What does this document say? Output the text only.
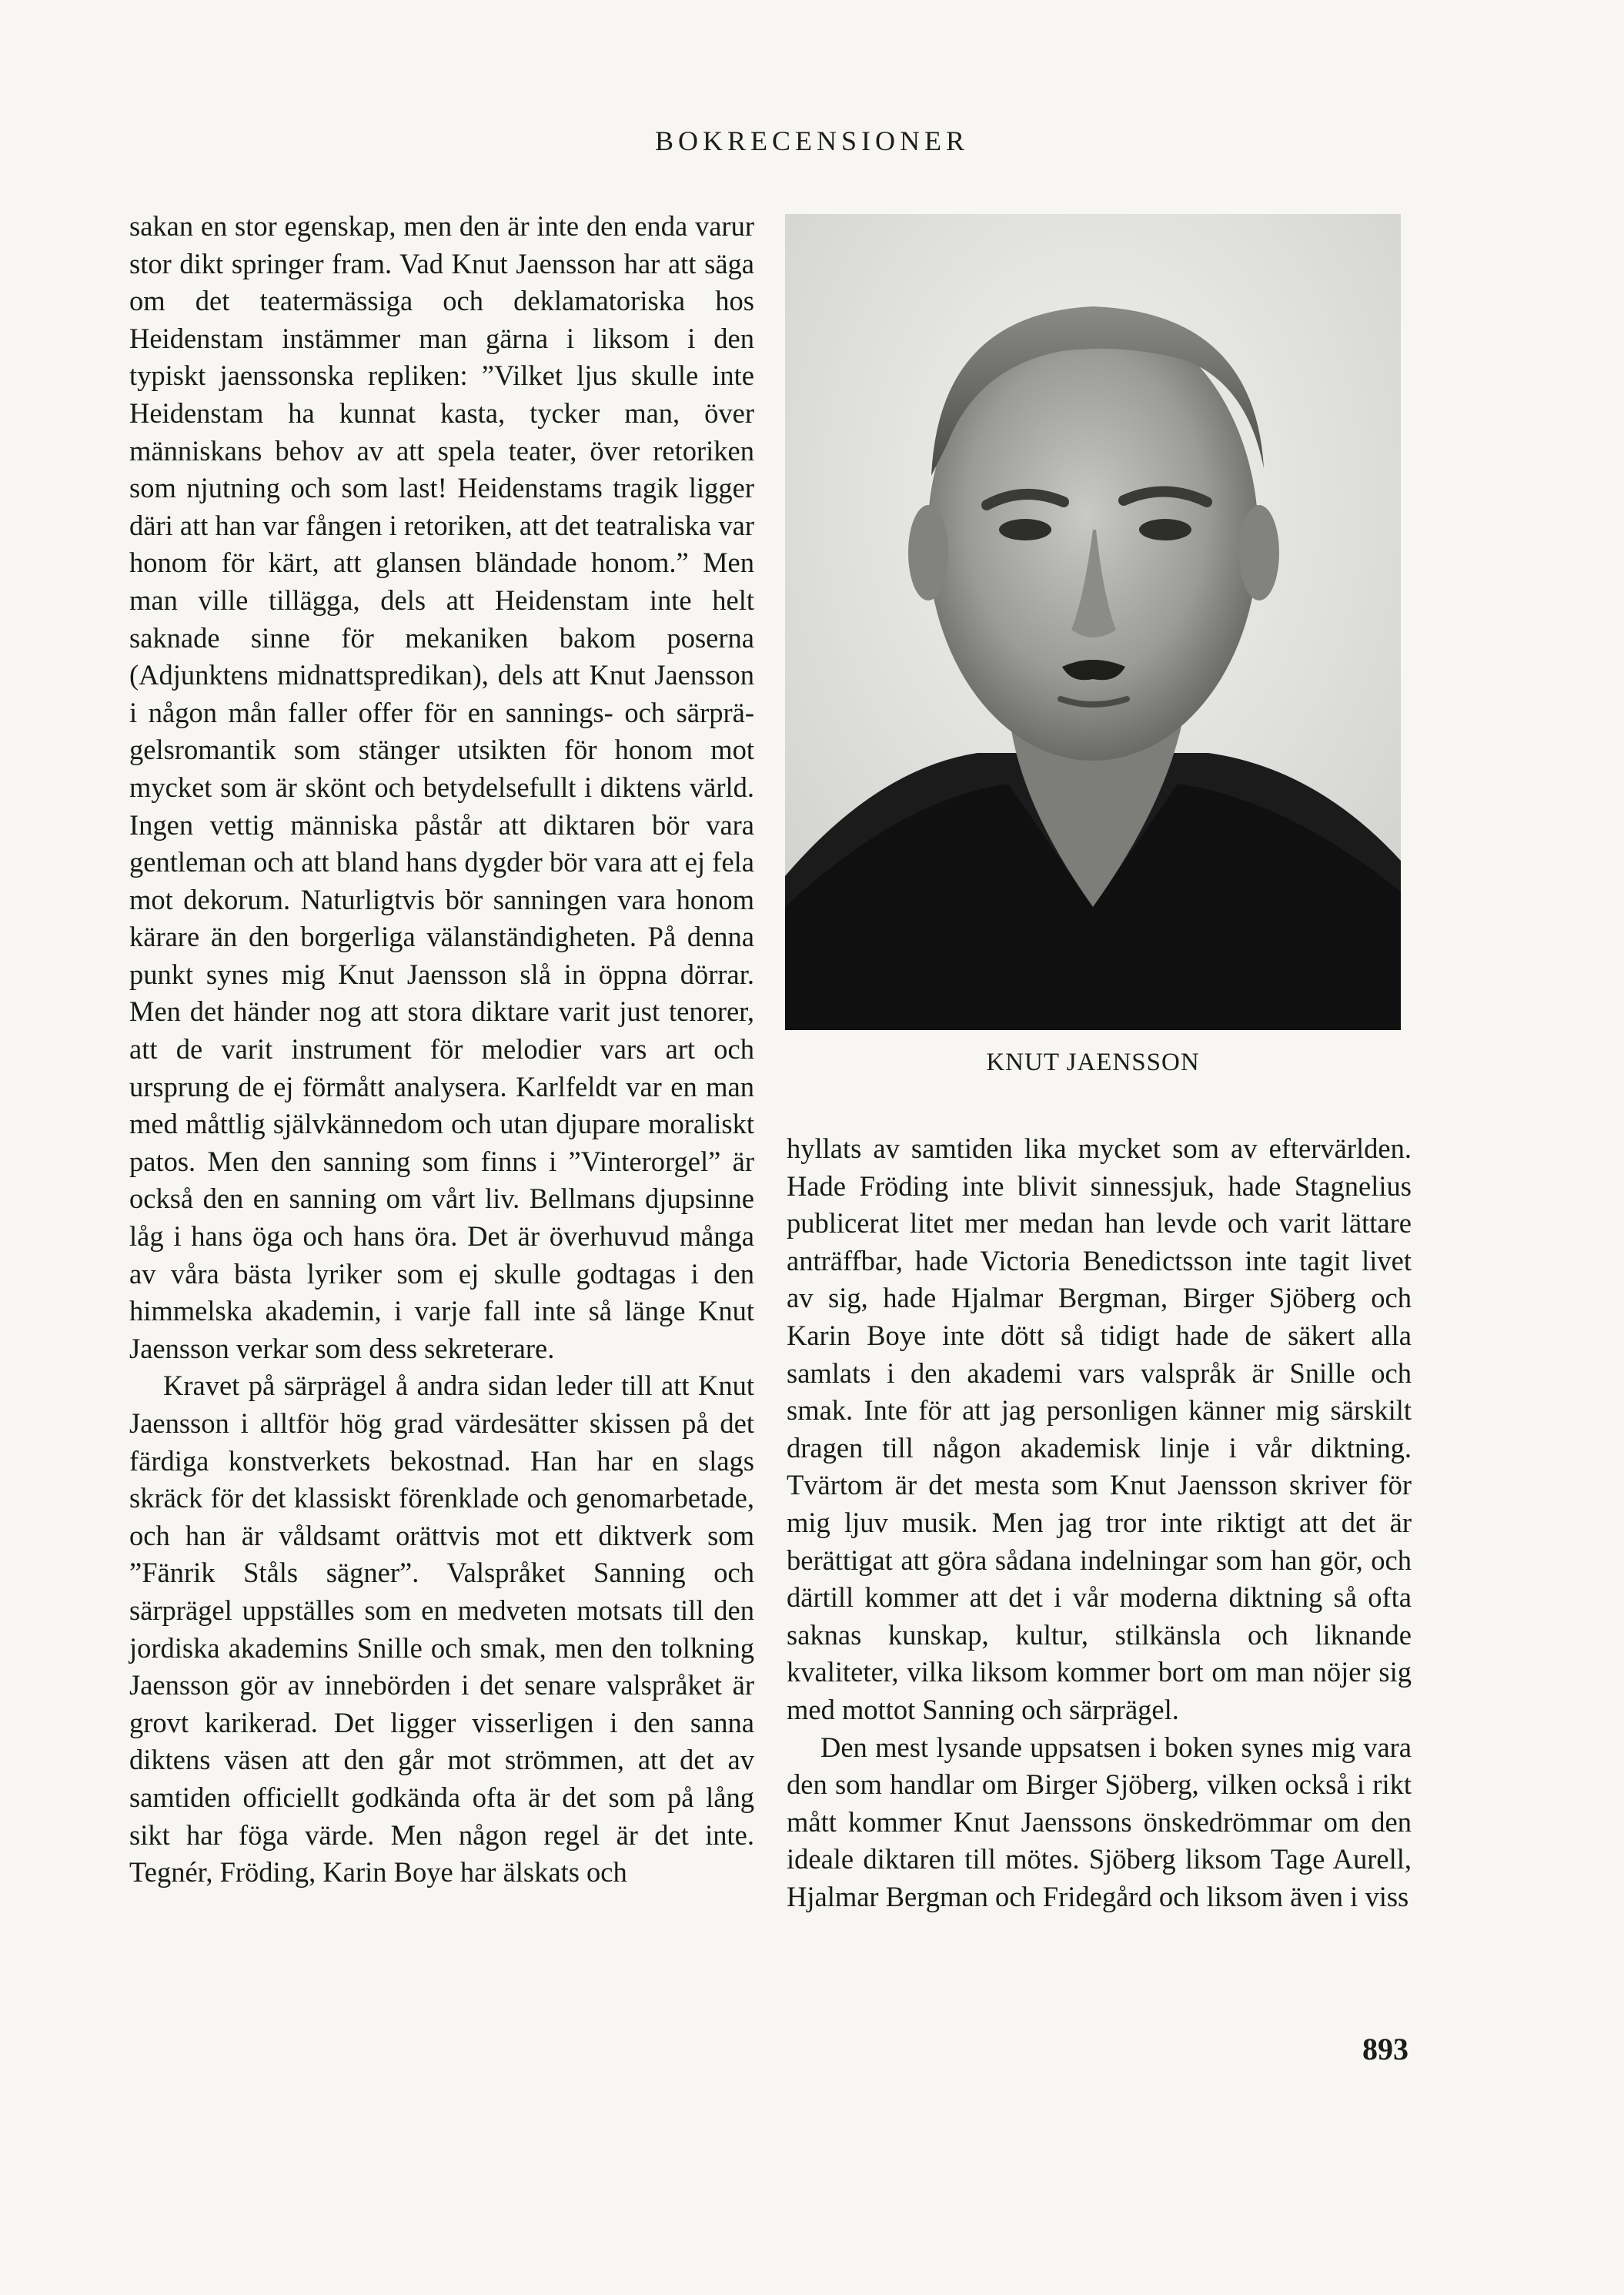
BOKRECENSIONER

sakan en stor egenskap, men den är inte den enda varur stor dikt springer fram. Vad Knut Jaensson har att säga om det teatermässiga och deklamatoriska hos Heidenstam instämmer man gärna i liksom i den typiskt jaenssonska repliken: ”Vilket ljus skulle inte Heidenstam ha kunnat kasta, tycker man, över människans behov av att spela teater, över retoriken som njutning och som last! Heidenstams tragik ligger däri att han var fången i retoriken, att det teatraliska var honom för kärt, att glansen bländade honom.” Men man ville tillägga, dels att Heidenstam inte helt saknade sinne för mekaniken bakom poserna (Adjunktens midnattspredikan), dels att Knut Jaensson i någon mån faller offer för en sannings- och särprägelsromantik som stänger utsikten för honom mot mycket som är skönt och betydelsefullt i diktens värld. Ingen vettig människa påstår att diktaren bör vara gentleman och att bland hans dygder bör vara att ej fela mot dekorum. Naturligtvis bör sanningen vara honom kärare än den borgerliga välanständigheten. På denna punkt synes mig Knut Jaensson slå in öppna dörrar. Men det händer nog att stora diktare varit just tenorer, att de varit instrument för melodier vars art och ursprung de ej förmått analysera. Karlfeldt var en man med måttlig självkännedom och utan djupare moraliskt patos. Men den sanning som finns i ”Vinterorgel” är också den en sanning om vårt liv. Bellmans djupsinne låg i hans öga och hans öra. Det är överhuvud många av våra bästa lyriker som ej skulle godtagas i den himmelska akademin, i varje fall inte så länge Knut Jaensson verkar som dess sekreterare.

Kravet på särprägel å andra sidan leder till att Knut Jaensson i alltför hög grad värdesätter skissen på det färdiga konstverkets bekostnad. Han har en slags skräck för det klassiskt förenklade och genomarbetade, och han är våldsamt orättvis mot ett diktverk som ”Fänrik Ståls sägner”. Valspråket Sanning och särprägel uppställes som en medveten motsats till den jordiska akademins Snille och smak, men den tolkning Jaensson gör av innebörden i det senare valspråket är grovt karikerad. Det ligger visserligen i den sanna diktens väsen att den går mot strömmen, att det av samtiden officiellt godkända ofta är det som på lång sikt har föga värde. Men någon regel är det inte. Tegnér, Fröding, Karin Boye har älskats och

KNUT JAENSSON

hyllats av samtiden lika mycket som av eftervärlden. Hade Fröding inte blivit sinnessjuk, hade Stagnelius publicerat litet mer medan han levde och varit lättare anträffbar, hade Victoria Benedictsson inte tagit livet av sig, hade Hjalmar Bergman, Birger Sjöberg och Karin Boye inte dött så tidigt hade de säkert alla samlats i den akademi vars valspråk är Snille och smak. Inte för att jag personligen känner mig särskilt dragen till någon akademisk linje i vår diktning. Tvärtom är det mesta som Knut Jaensson skriver för mig ljuv musik. Men jag tror inte riktigt att det är berättigat att göra sådana indelningar som han gör, och därtill kommer att det i vår moderna diktning så ofta saknas kunskap, kultur, stilkänsla och liknande kvaliteter, vilka liksom kommer bort om man nöjer sig med mottot Sanning och särprägel.

Den mest lysande uppsatsen i boken synes mig vara den som handlar om Birger Sjöberg, vilken också i rikt mått kommer Knut Jaenssons önskedrömmar om den ideale diktaren till mötes. Sjöberg liksom Tage Aurell, Hjalmar Bergman och Fridegård och liksom även i viss

893
